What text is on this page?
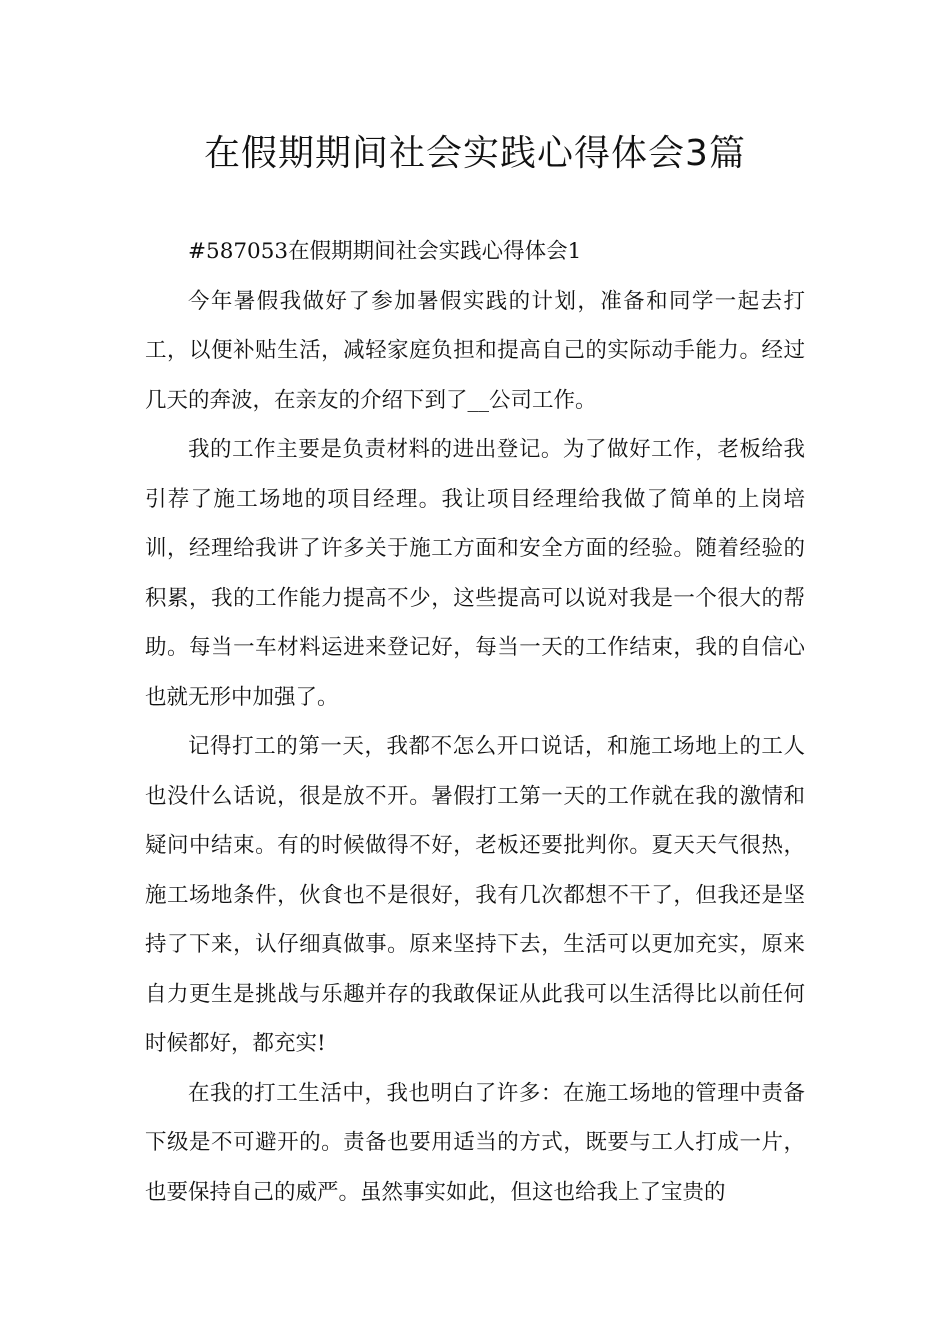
在假期期间社会实践心得体会3篇

#587053在假期期间社会实践心得体会1

今年暑假我做好了参加暑假实践的计划，准备和同学一起去打工，以便补贴生活，减轻家庭负担和提高自己的实际动手能力。经过几天的奔波，在亲友的介绍下到了__公司工作。

我的工作主要是负责材料的进出登记。为了做好工作，老板给我引荐了施工场地的项目经理。我让项目经理给我做了简单的上岗培训，经理给我讲了许多关于施工方面和安全方面的经验。随着经验的积累，我的工作能力提高不少，这些提高可以说对我是一个很大的帮助。每当一车材料运进来登记好，每当一天的工作结束，我的自信心也就无形中加强了。

记得打工的第一天，我都不怎么开口说话，和施工场地上的工人也没什么话说，很是放不开。暑假打工第一天的工作就在我的激情和疑问中结束。有的时候做得不好，老板还要批判你。夏天天气很热，施工场地条件，伙食也不是很好，我有几次都想不干了，但我还是坚持了下来，认仔细真做事。原来坚持下去，生活可以更加充实，原来自力更生是挑战与乐趣并存的我敢保证从此我可以生活得比以前任何时候都好，都充实!

在我的打工生活中，我也明白了许多：在施工场地的管理中责备下级是不可避开的。责备也要用适当的方式，既要与工人打成一片，也要保持自己的威严。虽然事实如此，但这也给我上了宝贵的
